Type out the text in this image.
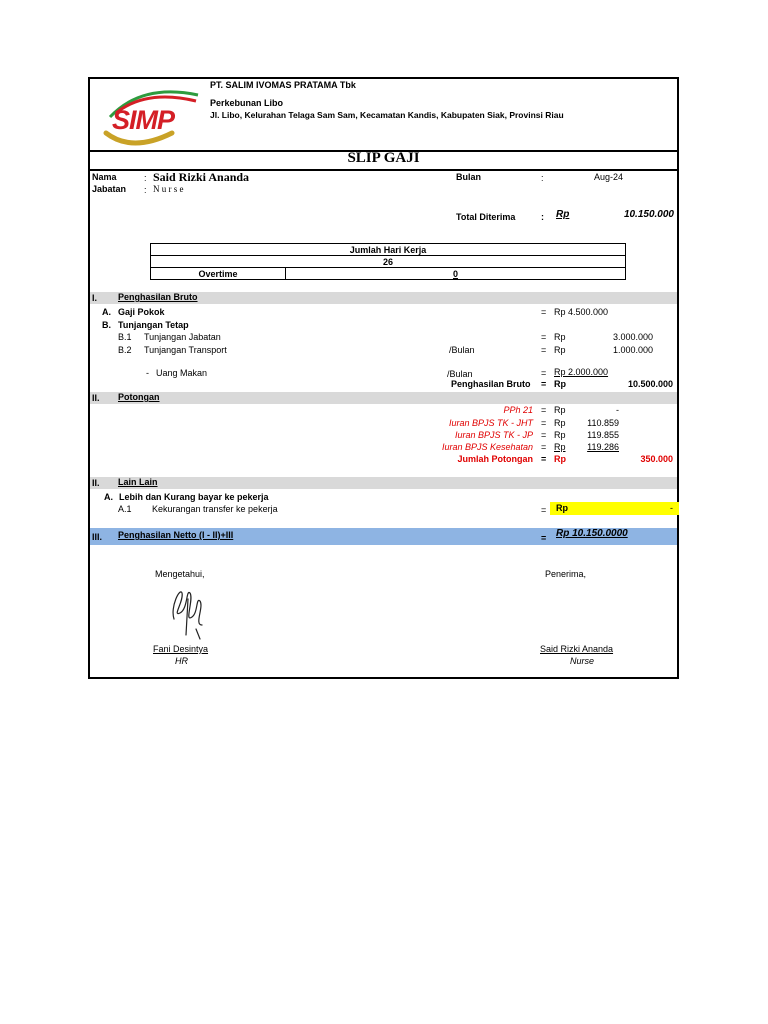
SIMP
PT. SALIM IVOMAS PRATAMA Tbk
Perkebunan Libo
Jl. Libo, Kelurahan Telaga Sam Sam, Kecamatan Kandis, Kabupaten Siak, Provinsi Riau
SLIP GAJI
Nama	: Said Rizki Ananda
Jabatan : N u r s e
Bulan	:	Aug-24
Total Diterima	: Rp	10.150.000
Jumlah Hari Kerja
26
Overtime	0
I. Penghasilan Bruto
A. Gaji Pokok	= Rp 4.500.000
B. Tunjangan Tetap
B.1 Tunjangan Jabatan	= Rp	3.000.000
B.2 Tunjangan Transport	/Bulan	= Rp	1.000.000
- Uang Makan	/Bulan	= Rp 2.000.000
Penghasilan Bruto = Rp	10.500.000
II. Potongan
PPh 21 = Rp	-
Iuran BPJS TK - JHT = Rp 110.859
Iuran BPJS TK - JP = Rp 119.855
Iuran BPJS Kesehatan = Rp 119.286
Jumlah Potongan = Rp	350.000
II. Lain Lain
A. Lebih dan Kurang bayar ke pekerja
A.1 Kekurangan transfer ke pekerja	= Rp	-
III. Penghasilan Netto (I - II)+III	= Rp 10.150.0000
Mengetahui,
Fani Desintya
HR
Penerima,
Said Rizki Ananda
Nurse
